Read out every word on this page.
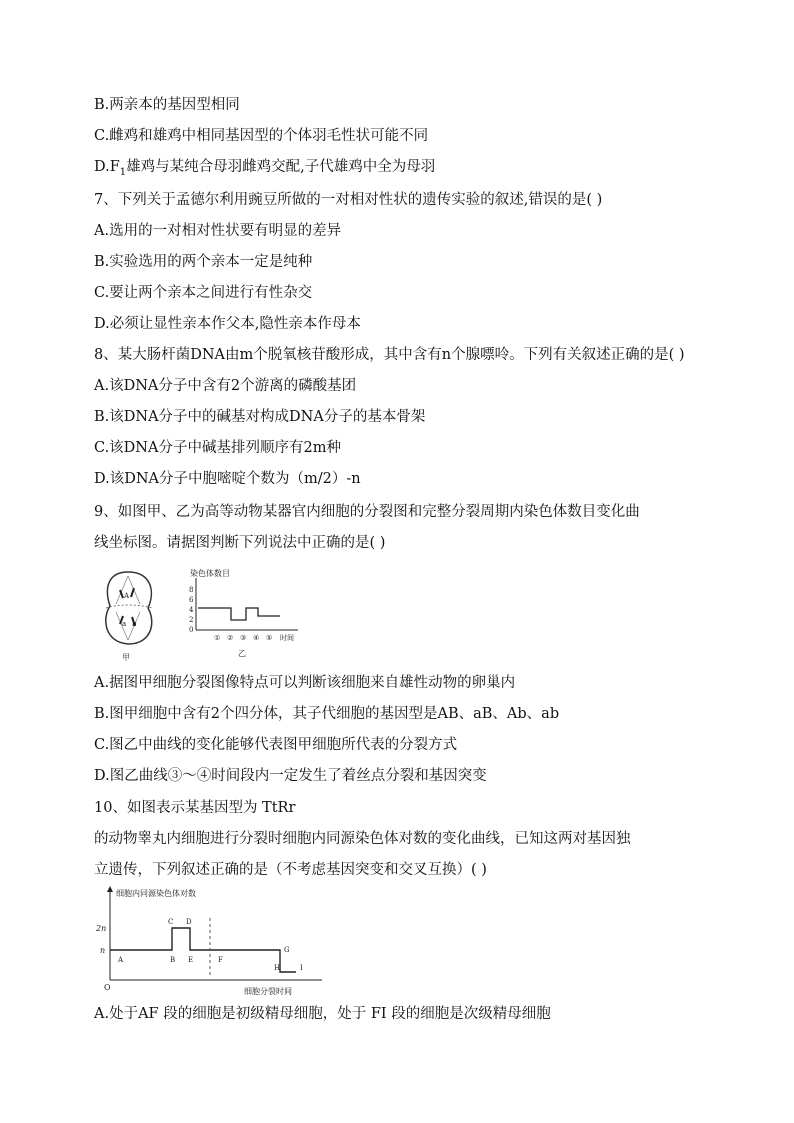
B.两亲本的基因型相同
C.雌鸡和雄鸡中相同基因型的个体羽毛性状可能不同
$D.F_1$雄鸡与某纯合母羽雌鸡交配,子代雄鸡中全为母羽
7、下列关于孟德尔利用豌豆所做的一对相对性状的遗传实验的叙述,错误的是( )
A.选用的一对相对性状要有明显的差异
B.实验选用的两个亲本一定是纯种
C.要让两个亲本之间进行有性杂交
D.必须让显性亲本作父本,隐性亲本作母本
8、某大肠杆菌DNA由m个脱氧核苷酸形成，其中含有n个腺嘌呤。下列有关叙述正确的是( )
A.该DNA分子中含有2个游离的磷酸基团
B.该DNA分子中的碱基对构成DNA分子的基本骨架
C.该DNA分子中碱基排列顺序有2m种
D.该DNA分子中胞嘧啶个数为（m/2）-n
9、如图甲、乙为高等动物某器官内细胞的分裂图和完整分裂周期内染色体数目变化曲
线坐标图。请据图判断下列说法中正确的是( )
A
a b
甲
染色体数目
8
6
4
2
0
① ② ③ ④ ⑤ 时间
乙
A.据图甲细胞分裂图像特点可以判断该细胞来自雄性动物的卵巢内
B.图甲细胞中含有2个四分体，其子代细胞的基因型是AB、aB、Ab、ab
C.图乙中曲线的变化能够代表图甲细胞所代表的分裂方式
D.图乙曲线③～④时间段内一定发生了着丝点分裂和基因突变
10、如图表示某基因型为 TtRr
的动物睾丸内细胞进行分裂时细胞内同源染色体对数的变化曲线，已知这两对基因独
立遗传，下列叙述正确的是（不考虑基因突变和交叉互换）( )
细胞内同源染色体对数
2n
n
O
A	B
C D
E	F
G
H	I
细胞分裂时间
A.处于AF 段的细胞是初级精母细胞，处于 FI 段的细胞是次级精母细胞
